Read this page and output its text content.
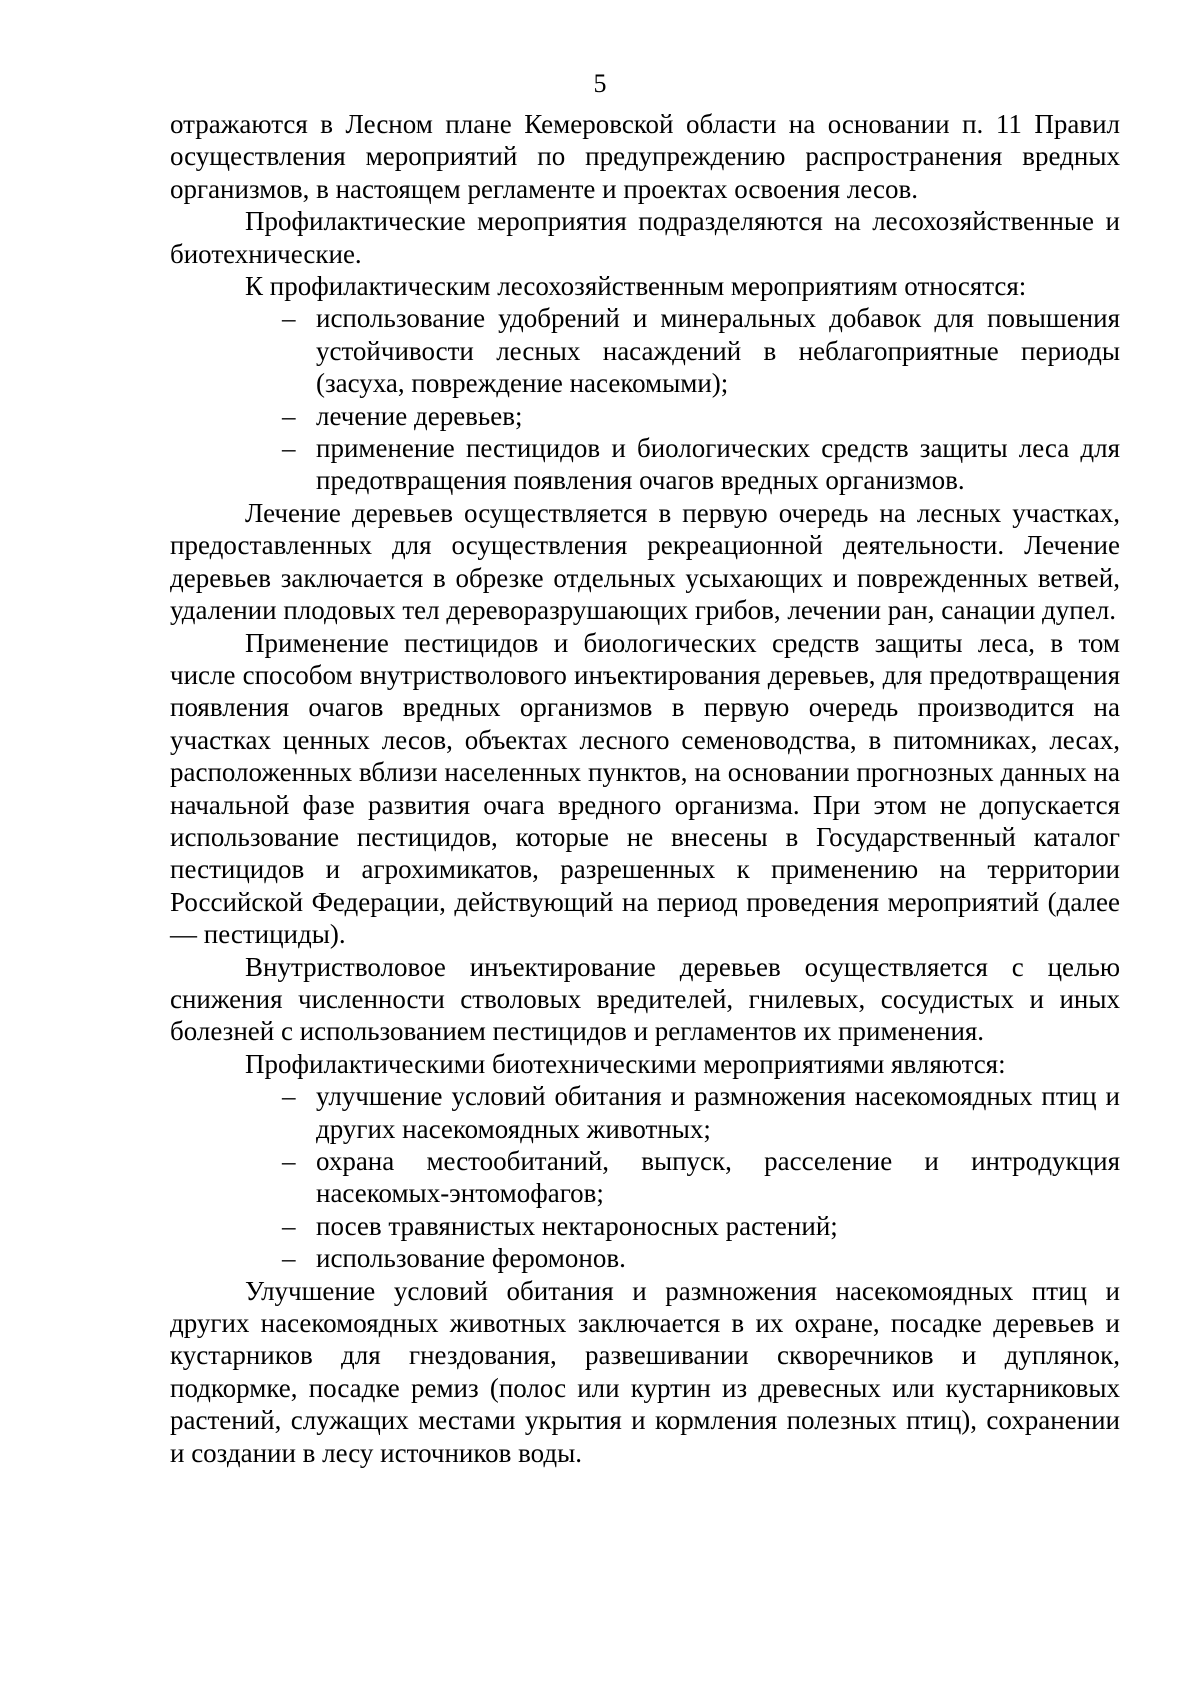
5

отражаются в Лесном плане Кемеровской области на основании п. 11 Правил осуществления мероприятий по предупреждению распространения вредных организмов, в настоящем регламенте и проектах освоения лесов.

Профилактические мероприятия подразделяются на лесохозяйственные и биотехнические.

К профилактическим лесохозяйственным мероприятиям относятся:

– использование удобрений и минеральных добавок для повышения устойчивости лесных насаждений в неблагоприятные периоды (засуха, повреждение насекомыми);
– лечение деревьев;
– применение пестицидов и биологических средств защиты леса для предотвращения появления очагов вредных организмов.

Лечение деревьев осуществляется в первую очередь на лесных участках, предоставленных для осуществления рекреационной деятельности. Лечение деревьев заключается в обрезке отдельных усыхающих и поврежденных ветвей, удалении плодовых тел дереворазрушающих грибов, лечении ран, санации дупел.

Применение пестицидов и биологических средств защиты леса, в том числе способом внутристволового инъектирования деревьев, для предотвращения появления очагов вредных организмов в первую очередь производится на участках ценных лесов, объектах лесного семеноводства, в питомниках, лесах, расположенных вблизи населенных пунктов, на основании прогнозных данных на начальной фазе развития очага вредного организма. При этом не допускается использование пестицидов, которые не внесены в Государственный каталог пестицидов и агрохимикатов, разрешенных к применению на территории Российской Федерации, действующий на период проведения мероприятий (далее — пестициды).

Внутристволовое инъектирование деревьев осуществляется с целью снижения численности стволовых вредителей, гнилевых, сосудистых и иных болезней с использованием пестицидов и регламентов их применения.

Профилактическими биотехническими мероприятиями являются:

– улучшение условий обитания и размножения насекомоядных птиц и других насекомоядных животных;
– охрана местообитаний, выпуск, расселение и интродукция насекомых-энтомофагов;
– посев травянистых нектароносных растений;
– использование феромонов.

Улучшение условий обитания и размножения насекомоядных птиц и других насекомоядных животных заключается в их охране, посадке деревьев и кустарников для гнездования, развешивании скворечников и дуплянок, подкормке, посадке ремиз (полос или куртин из древесных или кустарниковых растений, служащих местами укрытия и кормления полезных птиц), сохранении и создании в лесу источников воды.
